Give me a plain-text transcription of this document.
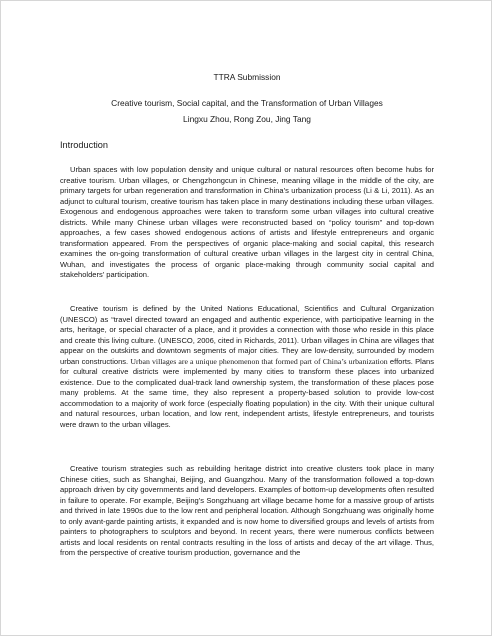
TTRA Submission
Creative tourism, Social capital, and the Transformation of Urban Villages
Lingxu Zhou, Rong Zou, Jing Tang
Introduction

Urban spaces with low population density and unique cultural or natural resources often become hubs for creative tourism. Urban villages, or Chengzhongcun in Chinese, meaning village in the middle of the city, are primary targets for urban regeneration and transformation in China’s urbanization process (Li & Li, 2011). As an adjunct to cultural tourism, creative tourism has taken place in many destinations including these urban villages. Exogenous and endogenous approaches were taken to transform some urban villages into cultural creative districts. While many Chinese urban villages were reconstructed based on “policy tourism” and top-down approaches, a few cases showed endogenous actions of artists and lifestyle entrepreneurs and organic transformation appeared. From the perspectives of organic place-making and social capital, this research examines the on-going transformation of cultural creative urban villages in the largest city in central China, Wuhan, and investigates the process of organic place-making through community social capital and stakeholders’ participation.

Creative tourism is defined by the United Nations Educational, Scientifics and Cultural Organization (UNESCO) as “travel directed toward an engaged and authentic experience, with participative learning in the arts, heritage, or special character of a place, and it provides a connection with those who reside in this place and create this living culture. (UNESCO, 2006, cited in Richards, 2011). Urban villages in China are villages that appear on the outskirts and downtown segments of major cities. They are low-density, surrounded by modern urban constructions. Urban villages are a unique phenomenon that formed part of China’s urbanization efforts. Plans for cultural creative districts were implemented by many cities to transform these places into urbanized existence. Due to the complicated dual-track land ownership system, the transformation of these places pose many problems. At the same time, they also represent a property-based solution to provide low-cost accommodation to a majority of work force (especially floating population) in the city. With their unique cultural and natural resources, urban location, and low rent, independent artists, lifestyle entrepreneurs, and tourists were drawn to the urban villages.

Creative tourism strategies such as rebuilding heritage district into creative clusters took place in many Chinese cities, such as Shanghai, Beijing, and Guangzhou. Many of the transformation followed a top-down approach driven by city governments and land developers. Examples of bottom-up developments often resulted in failure to operate. For example, Beijing’s Songzhuang art village became home for a massive group of artists and thrived in late 1990s due to the low rent and peripheral location. Although Songzhuang was originally home to only avant-garde painting artists, it expanded and is now home to diversified groups and levels of artists from painters to photographers to sculptors and beyond. In recent years, there were numerous conflicts between artists and local residents on rental contracts resulting in the loss of artists and decay of the art village. Thus, from the perspective of creative tourism production, governance and the
